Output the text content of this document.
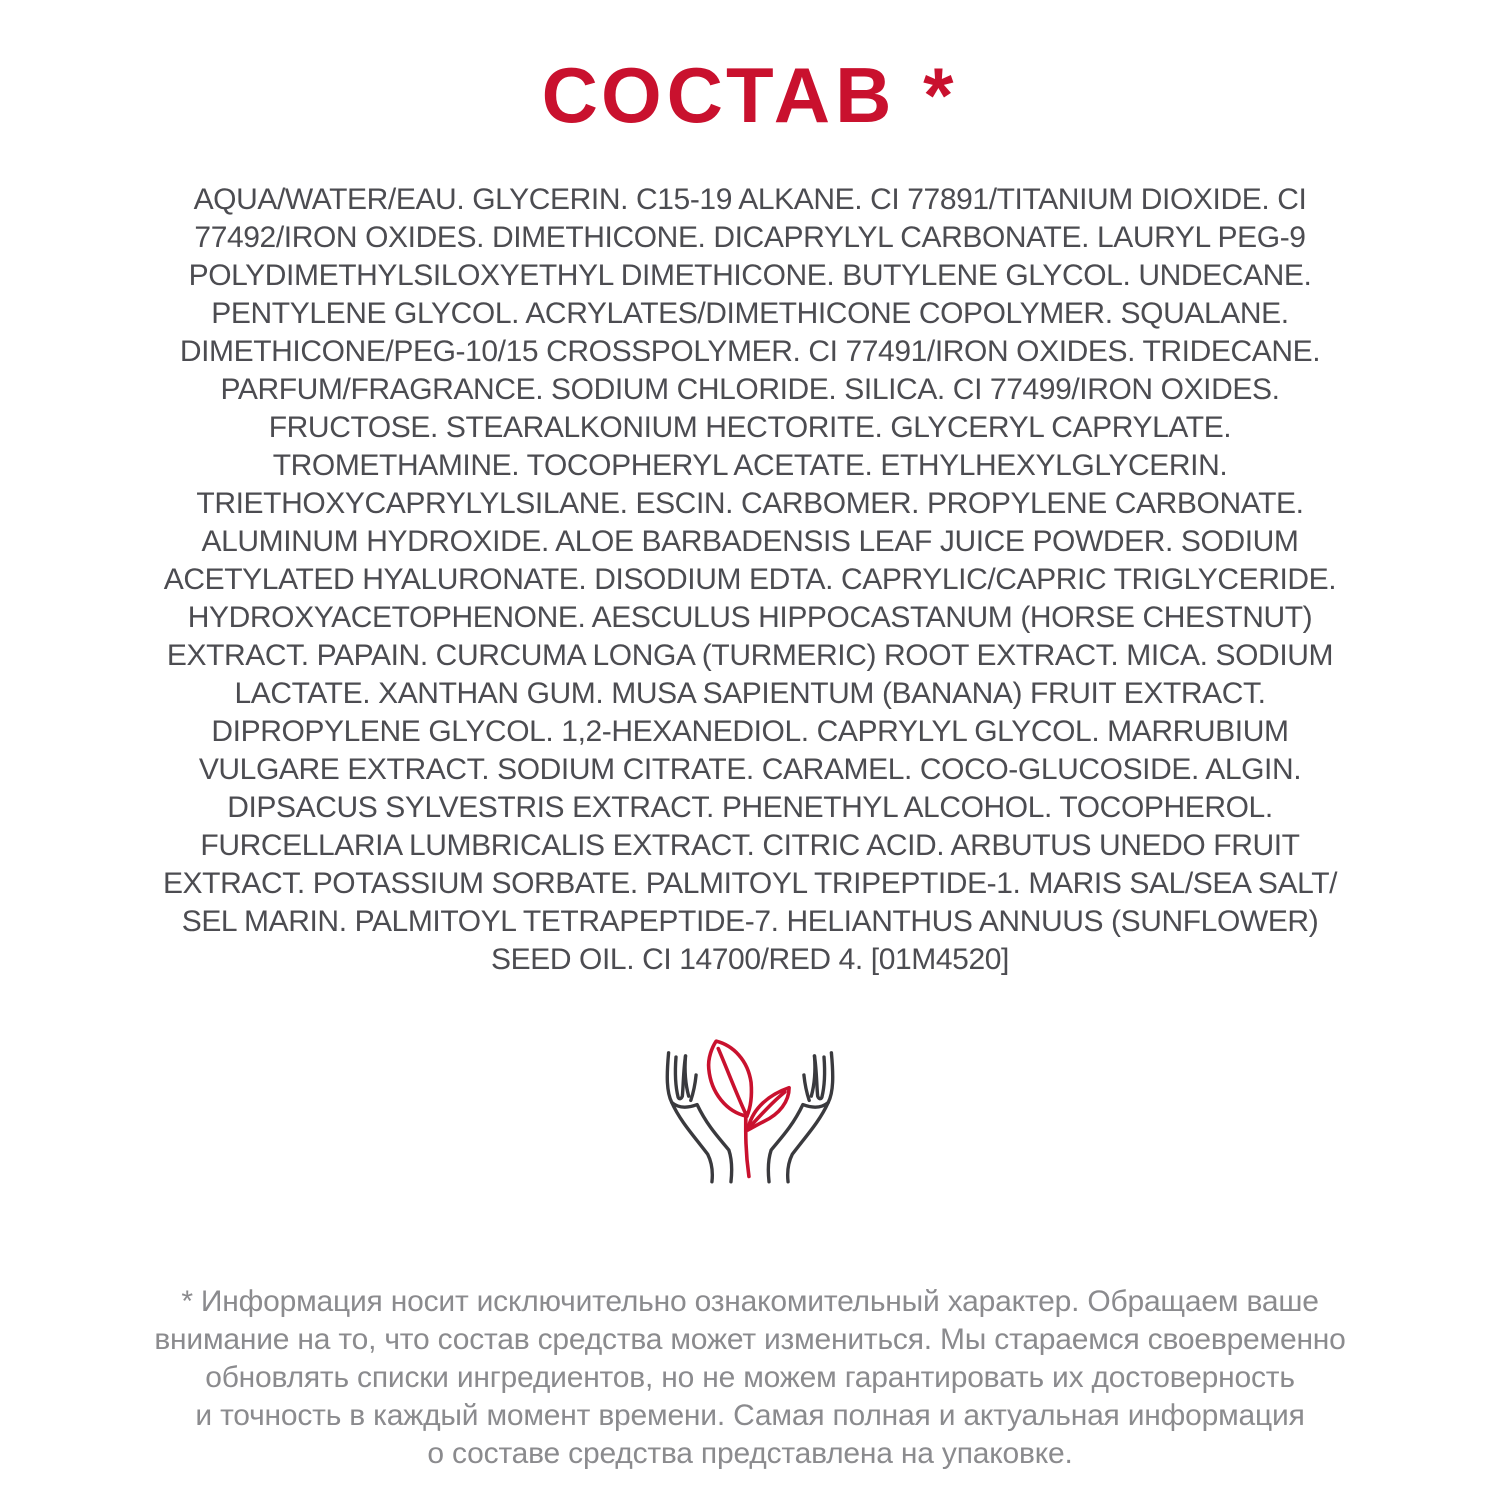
СОСТАВ *
AQUA/WATER/EAU. GLYCERIN. C15-19 ALKANE. CI 77891/TITANIUM DIOXIDE. CI
77492/IRON OXIDES. DIMETHICONE. DICAPRYLYL CARBONATE. LAURYL PEG-9
POLYDIMETHYLSILOXYETHYL DIMETHICONE. BUTYLENE GLYCOL. UNDECANE.
PENTYLENE GLYCOL. ACRYLATES/DIMETHICONE COPOLYMER. SQUALANE.
DIMETHICONE/PEG-10/15 CROSSPOLYMER. CI 77491/IRON OXIDES. TRIDECANE.
PARFUM/FRAGRANCE. SODIUM CHLORIDE. SILICA. CI 77499/IRON OXIDES.
FRUCTOSE. STEARALKONIUM HECTORITE. GLYCERYL CAPRYLATE.
TROMETHAMINE. TOCOPHERYL ACETATE. ETHYLHEXYLGLYCERIN.
TRIETHOXYCAPRYLYLSILANE. ESCIN. CARBOMER. PROPYLENE CARBONATE.
ALUMINUM HYDROXIDE. ALOE BARBADENSIS LEAF JUICE POWDER. SODIUM
ACETYLATED HYALURONATE. DISODIUM EDTA. CAPRYLIC/CAPRIC TRIGLYCERIDE.
HYDROXYACETOPHENONE. AESCULUS HIPPOCASTANUM (HORSE CHESTNUT)
EXTRACT. PAPAIN. CURCUMA LONGA (TURMERIC) ROOT EXTRACT. MICA. SODIUM
LACTATE. XANTHAN GUM. MUSA SAPIENTUM (BANANA) FRUIT EXTRACT.
DIPROPYLENE GLYCOL. 1,2-HEXANEDIOL. CAPRYLYL GLYCOL. MARRUBIUM
VULGARE EXTRACT. SODIUM CITRATE. CARAMEL. COCO-GLUCOSIDE. ALGIN.
DIPSACUS SYLVESTRIS EXTRACT. PHENETHYL ALCOHOL. TOCOPHEROL.
FURCELLARIA LUMBRICALIS EXTRACT. CITRIC ACID. ARBUTUS UNEDO FRUIT
EXTRACT. POTASSIUM SORBATE. PALMITOYL TRIPEPTIDE-1. MARIS SAL/SEA SALT/
SEL MARIN. PALMITOYL TETRAPEPTIDE-7. HELIANTHUS ANNUUS (SUNFLOWER)
SEED OIL. CI 14700/RED 4. [01M4520]
* Информация носит исключительно ознакомительный характер. Обращаем ваше
внимание на то, что состав средства может измениться. Мы стараемся своевременно
обновлять списки ингредиентов, но не можем гарантировать их достоверность
и точность в каждый момент времени. Самая полная и актуальная информация
о составе средства представлена на упаковке.
